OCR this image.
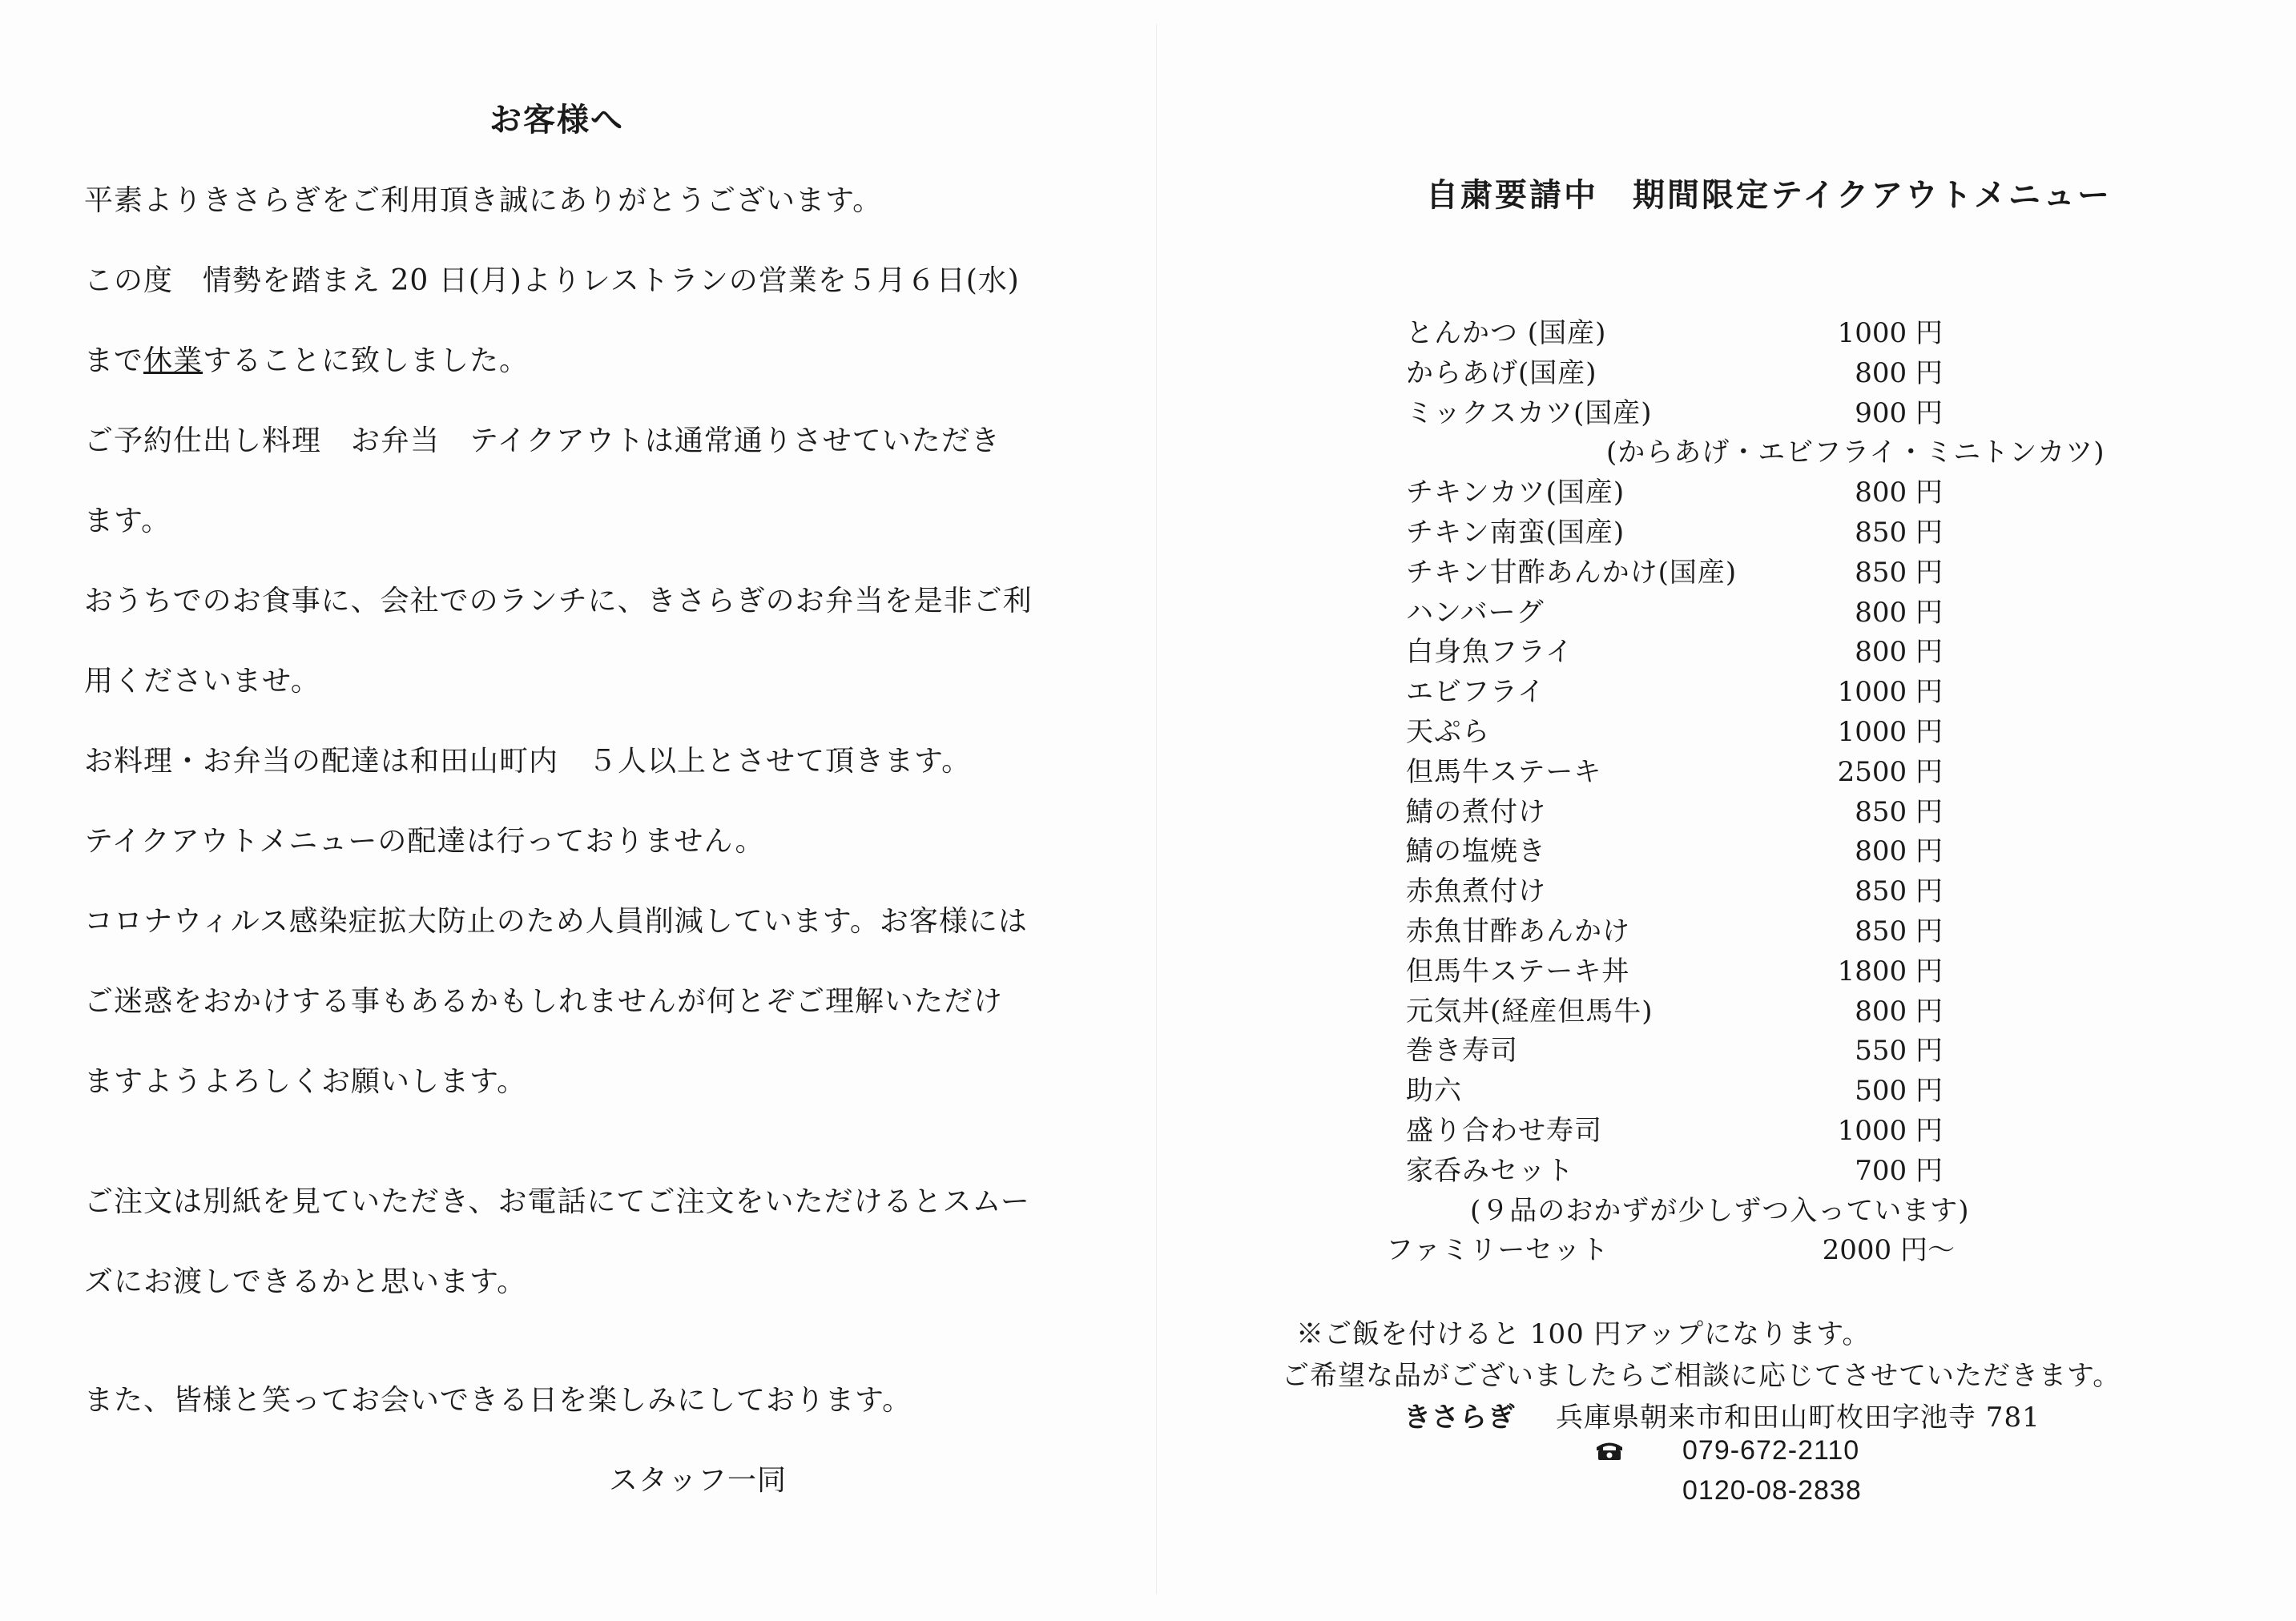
お客様へ
平素よりきさらぎをご利用頂き誠にありがとうございます。
この度　情勢を踏まえ 20 日(月)よりレストランの営業を５月６日(水)
まで休業することに致しました。
ご予約仕出し料理　お弁当　テイクアウトは通常通りさせていただき
ます。
おうちでのお食事に、会社でのランチに、きさらぎのお弁当を是非ご利
用くださいませ。
お料理・お弁当の配達は和田山町内　５人以上とさせて頂きます。
テイクアウトメニューの配達は行っておりません。
コロナウィルス感染症拡大防止のため人員削減しています。お客様には
ご迷惑をおかけする事もあるかもしれませんが何とぞご理解いただけ
ますようよろしくお願いします。
ご注文は別紙を見ていただき、お電話にてご注文をいただけるとスムー
ズにお渡しできるかと思います。
また、皆様と笑ってお会いできる日を楽しみにしております。
スタッフ一同
自粛要請中　期間限定テイクアウトメニュー
とんかつ (国産)	1000 円
からあげ(国産)	800 円
ミックスカツ(国産)	900 円
(からあげ・エビフライ・ミニトンカツ)
チキンカツ(国産)	800 円
チキン南蛮(国産)	850 円
チキン甘酢あんかけ(国産)	850 円
ハンバーグ	800 円
白身魚フライ	800 円
エビフライ	1000 円
天ぷら	1000 円
但馬牛ステーキ	2500 円
鯖の煮付け	850 円
鯖の塩焼き	800 円
赤魚煮付け	850 円
赤魚甘酢あんかけ	850 円
但馬牛ステーキ丼	1800 円
元気丼(経産但馬牛)	800 円
巻き寿司	550 円
助六	500 円
盛り合わせ寿司	1000 円
家呑みセット	700 円
(９品のおかずが少しずつ入っています)
ファミリーセット	2000 円～
※ご飯を付けると 100 円アップになります。
ご希望な品がございましたらご相談に応じてさせていただきます。
きさらぎ 兵庫県朝来市和田山町枚田字池寺 781
079-672-2110
0120-08-2838
